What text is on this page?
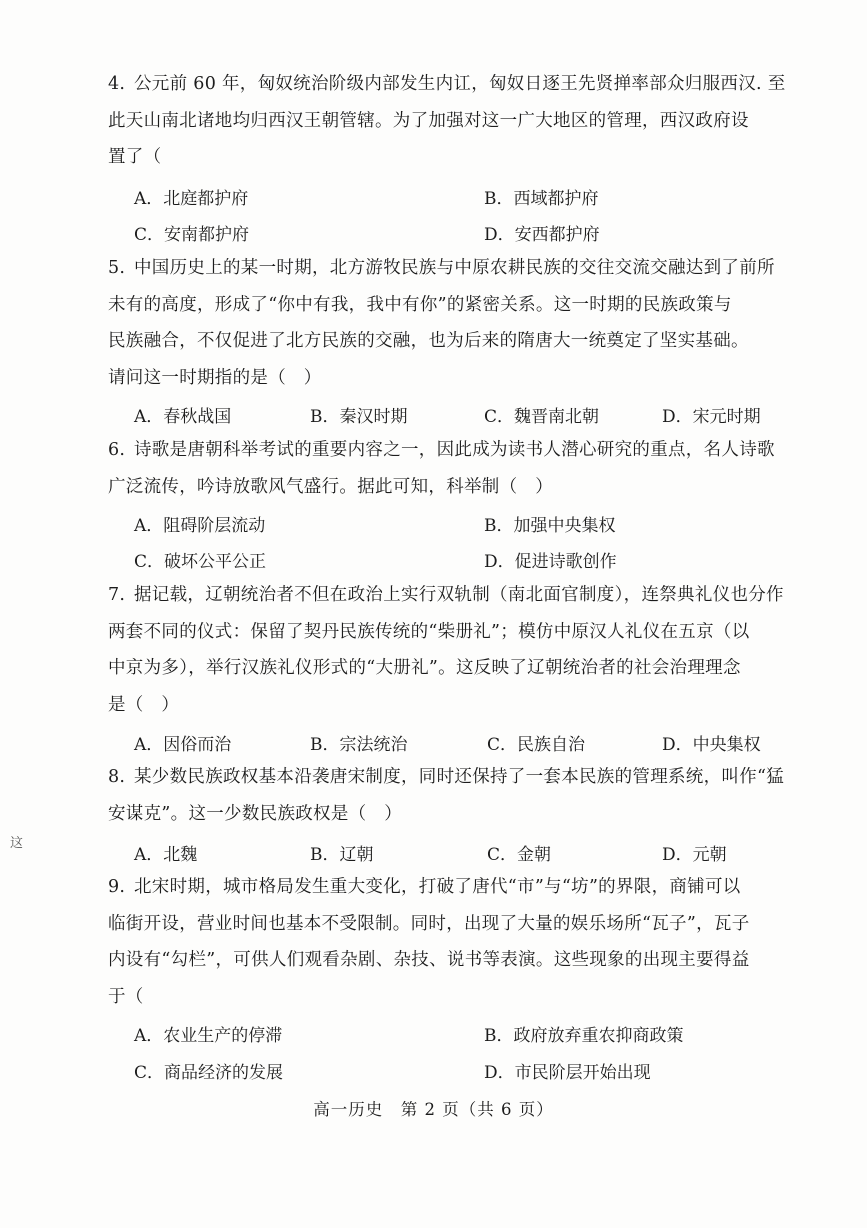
4. 公元前 60 年，匈奴统治阶级内部发生内讧，匈奴日逐王先贤掸率部众归服西汉. 至
此天山南北诸地均归西汉王朝管辖。为了加强对这一广大地区的管理，西汉政府设
置了（
A．北庭都护府	B．西域都护府
C．安南都护府	D．安西都护府
5. 中国历史上的某一时期，北方游牧民族与中原农耕民族的交往交流交融达到了前所
未有的高度，形成了“你中有我，我中有你”的紧密关系。这一时期的民族政策与
民族融合，不仅促进了北方民族的交融，也为后来的隋唐大一统奠定了坚实基础。
请问这一时期指的是（　）
A．春秋战国	B．秦汉时期	C．魏晋南北朝	D．宋元时期
6. 诗歌是唐朝科举考试的重要内容之一，因此成为读书人潜心研究的重点，名人诗歌
广泛流传，吟诗放歌风气盛行。据此可知，科举制（　）
A．阻碍阶层流动	B．加强中央集权
C．破坏公平公正	D．促进诗歌创作
7. 据记载，辽朝统治者不但在政治上实行双轨制（南北面官制度），连祭典礼仪也分作
两套不同的仪式：保留了契丹民族传统的“柴册礼”；模仿中原汉人礼仪在五京（以
中京为多），举行汉族礼仪形式的“大册礼”。这反映了辽朝统治者的社会治理理念
是（　）
A．因俗而治	B．宗法统治	C．民族自治	D．中央集权
8. 某少数民族政权基本沿袭唐宋制度，同时还保持了一套本民族的管理系统，叫作“猛
安谋克”。这一少数民族政权是（　）
A．北魏	B．辽朝	C．金朝	D．元朝
9. 北宋时期，城市格局发生重大变化，打破了唐代“市”与“坊”的界限，商铺可以
临街开设，营业时间也基本不受限制。同时，出现了大量的娱乐场所“瓦子”，瓦子
内设有“勾栏”，可供人们观看杂剧、杂技、说书等表演。这些现象的出现主要得益
于（
A．农业生产的停滞	B．政府放弃重农抑商政策
C．商品经济的发展	D．市民阶层开始出现
这
高一历史　第 2 页（共 6 页）
